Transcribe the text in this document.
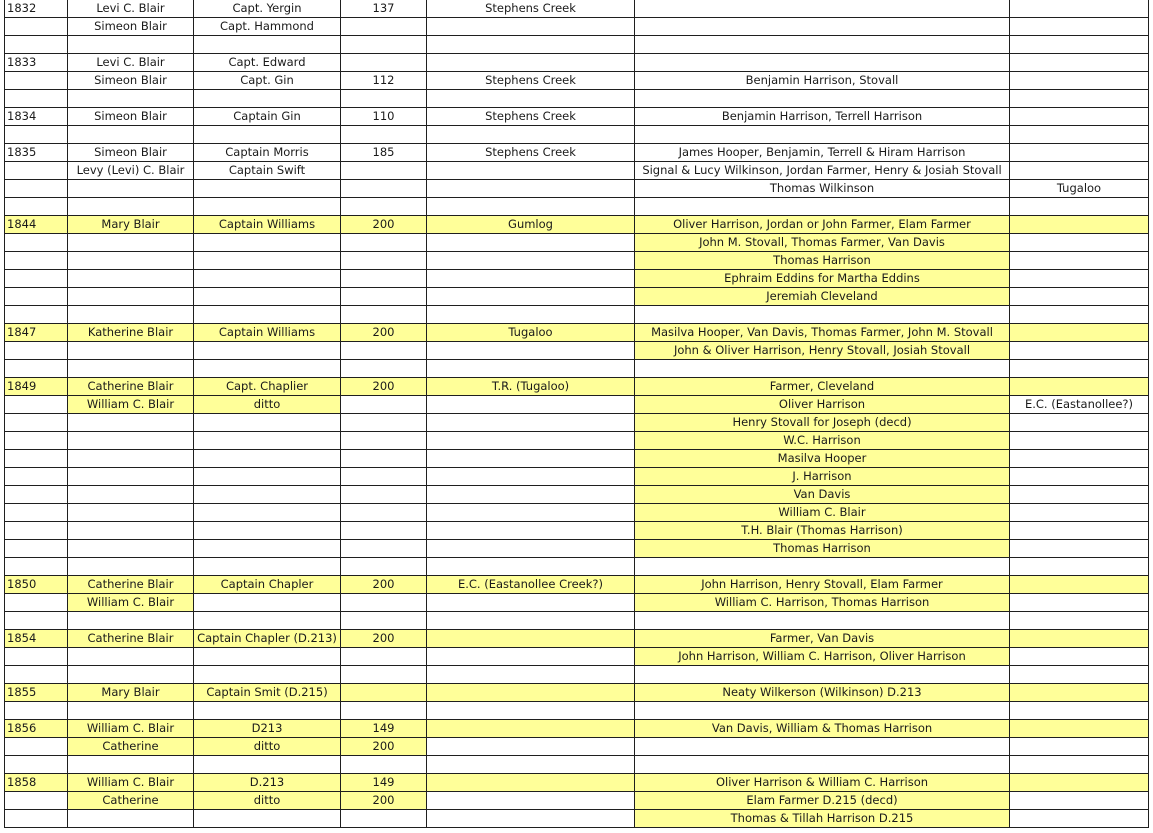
1832	Levi C. Blair	Capt. Yergin	137	Stephens Creek		
	Simeon Blair	Capt. Hammond				

1833	Levi C. Blair	Capt. Edward				
	Simeon Blair	Capt. Gin	112	Stephens Creek	Benjamin Harrison, Stovall	

1834	Simeon Blair	Captain Gin	110	Stephens Creek	Benjamin Harrison, Terrell Harrison	

1835	Simeon Blair	Captain Morris	185	Stephens Creek	James Hooper, Benjamin, Terrell & Hiram Harrison	
	Levy (Levi) C. Blair	Captain Swift			Signal & Lucy Wilkinson, Jordan Farmer, Henry & Josiah Stovall	
					Thomas Wilkinson	Tugaloo

1844	Mary Blair	Captain Williams	200	Gumlog	Oliver Harrison, Jordan or John Farmer, Elam Farmer	
					John M. Stovall, Thomas Farmer, Van Davis	
					Thomas Harrison	
					Ephraim Eddins for Martha Eddins	
					Jeremiah Cleveland	

1847	Katherine Blair	Captain Williams	200	Tugaloo	Masilva Hooper, Van Davis, Thomas Farmer, John M. Stovall	
					John & Oliver Harrison, Henry Stovall, Josiah Stovall	

1849	Catherine Blair	Capt. Chaplier	200	T.R. (Tugaloo)	Farmer, Cleveland	
	William C. Blair	ditto			Oliver Harrison	E.C. (Eastanollee?)
					Henry Stovall for Joseph (decd)	
					W.C. Harrison	
					Masilva Hooper	
					J. Harrison	
					Van Davis	
					William C. Blair	
					T.H. Blair (Thomas Harrison)	
					Thomas Harrison	

1850	Catherine Blair	Captain Chapler	200	E.C. (Eastanollee Creek?)	John Harrison, Henry Stovall, Elam Farmer	
	William C. Blair				William C. Harrison, Thomas Harrison	

1854	Catherine Blair	Captain Chapler (D.213)	200		Farmer, Van Davis	
					John Harrison, William C. Harrison, Oliver Harrison	

1855	Mary Blair	Captain Smit (D.215)			Neaty Wilkerson (Wilkinson) D.213	

1856	William C. Blair	D213	149		Van Davis, William & Thomas Harrison	
	Catherine	ditto	200			

1858	William C. Blair	D.213	149		Oliver Harrison & William C. Harrison	
	Catherine	ditto	200		Elam Farmer D.215 (decd)	
					Thomas & Tillah Harrison D.215	
